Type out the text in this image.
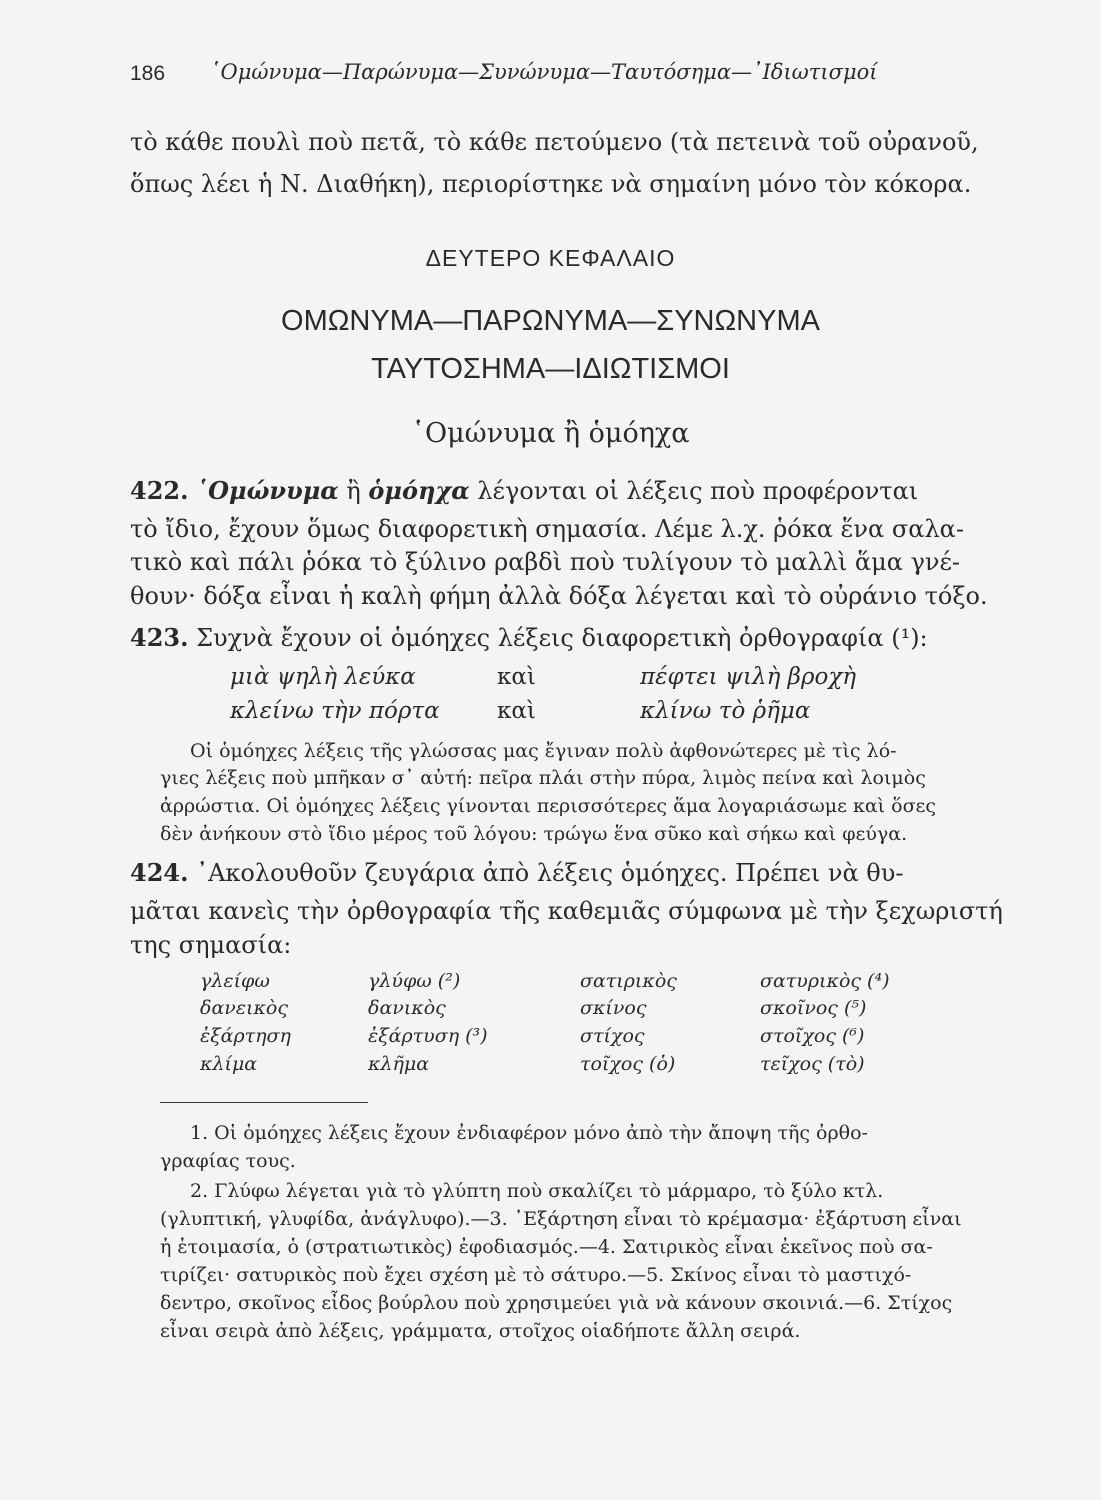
186 ῾Ομώνυμα—Παρώνυμα—Συνώνυμα—Ταυτόσημα—᾿Ιδιωτισμοί
τὸ κάθε πουλὶ ποὺ πετᾶ, τὸ κάθε πετούμενο (τὰ πετεινὰ τοῦ οὐρανοῦ,
ὅπως λέει ἡ Ν. Διαθήκη), περιορίστηκε νὰ σημαίνη μόνο τὸν κόκορα.
ΔΕΥΤΕΡΟ ΚΕΦΑΛΑΙΟ
ΟΜΩΝΥΜΑ—ΠΑΡΩΝΥΜΑ—ΣΥΝΩΝΥΜΑ
ΤΑΥΤΟΣΗΜΑ—ΙΔΙΩΤΙΣΜΟΙ
῾Ομώνυμα ἢ ὁμόηχα
422. ῾Ομώνυμα ἢ ὁμόηχα λέγονται οἱ λέξεις ποὺ προφέρονται
τὸ ἴδιο, ἔχουν ὅμως διαφορετικὴ σημασία. Λέμε λ.χ. ῥόκα ἕνα σαλα-
τικὸ καὶ πάλι ῥόκα τὸ ξύλινο ραβδὶ ποὺ τυλίγουν τὸ μαλλὶ ἅμα γνέ-
θουν· δόξα εἶναι ἡ καλὴ φήμη ἀλλὰ δόξα λέγεται καὶ τὸ οὐράνιο τόξο.
423. Συχνὰ ἔχουν οἱ ὁμόηχες λέξεις διαφορετικὴ ὀρθογραφία (¹):
μιὰ ψηλὴ λεύκα	καὶ	πέφτει ψιλὴ βροχὴ
κλείνω τὴν πόρτα καὶ	κλίνω τὸ ῥῆμα
Οἱ ὁμόηχες λέξεις τῆς γλώσσας μας ἔγιναν πολὺ ἀφθονώτερες μὲ τὶς λό-
γιες λέξεις ποὺ μπῆκαν σ᾿ αὐτή: πεῖρα πλάι στὴν πύρα, λιμὸς πείνα καὶ λοιμὸς
ἀρρώστια. Οἱ ὁμόηχες λέξεις γίνονται περισσότερες ἅμα λογαριάσωμε καὶ ὅσες
δὲν ἀνήκουν στὸ ἴδιο μέρος τοῦ λόγου: τρώγω ἕνα σῦκο καὶ σήκω καὶ φεύγα.
424. ᾿Ακολουθοῦν ζευγάρια ἀπὸ λέξεις ὁμόηχες. Πρέπει νὰ θυ-
μᾶται κανεὶς τὴν ὀρθογραφία τῆς καθεμιᾶς σύμφωνα μὲ τὴν ξεχωριστή
της σημασία:
γλείφω	γλύφω (²)	σατιρικὸς	σατυρικὸς (⁴)
δανεικὸς	δανικὸς	σκίνος	σκοῖνος (⁵)
ἐξάρτηση	ἐξάρτυση (³)	στίχος	στοῖχος (⁶)
κλίμα	κλῆμα	τοῖχος (ὁ)	τεῖχος (τὸ)
1. Οἱ ὁμόηχες λέξεις ἔχουν ἐνδιαφέρον μόνο ἀπὸ τὴν ἄποψη τῆς ὀρθο-
γραφίας τους.
2. Γλύφω λέγεται γιὰ τὸ γλύπτη ποὺ σκαλίζει τὸ μάρμαρο, τὸ ξύλο κτλ.
(γλυπτική, γλυφίδα, ἀνάγλυφο).—3. ᾿Εξάρτηση εἶναι τὸ κρέμασμα· ἐξάρτυση εἶναι
ἡ ἑτοιμασία, ὁ (στρατιωτικὸς) ἐφοδιασμός.—4. Σατιρικὸς εἶναι ἐκεῖνος ποὺ σα-
τιρίζει· σατυρικὸς ποὺ ἔχει σχέση μὲ τὸ σάτυρο.—5. Σκίνος εἶναι τὸ μαστιχό-
δεντρο, σκοῖνος εἶδος βούρλου ποὺ χρησιμεύει γιὰ νὰ κάνουν σκοινιά.—6. Στίχος
εἶναι σειρὰ ἀπὸ λέξεις, γράμματα, στοῖχος οἱαδήποτε ἄλλη σειρά.
